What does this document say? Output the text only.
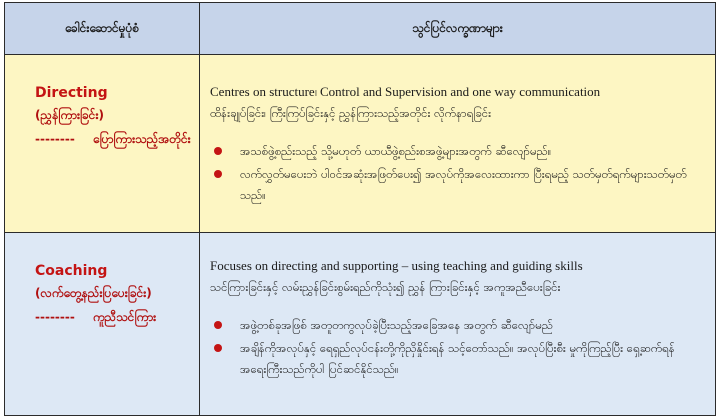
ခေါင်းဆောင်မှုပုံစံ	သွင်ပြင်လက္ခဏာများ
Directing
(ညွှန်ကြားခြင်း)
-------- ပြောကြားသည့်အတိုင်း
Centres on structure၊ Control and Supervision and one way communication
ထိန်းချုပ်ခြင်း၊ ကြီးကြပ်ခြင်းနှင့် ညွှန်ကြားသည့်အတိုင်း လိုက်နာရခြင်း
အသစ်ဖွဲ့စည်းသည့် သို့မဟုတ် ယာယီဖွဲ့စည်းစအဖွဲ့များအတွက် ဆီလျော်မည်။
လက်လွှတ်မပေးဘဲ ပါဝင်အဆုံးအဖြတ်ပေး၍ အလုပ်ကိုအလေးထားကာ ပြီးရမည့် သတ်မှတ်ရက်များသတ်မှတ်သည်။
Coaching
(လက်တွေ့နည်းပြပေးခြင်း)
-------- ကူညီသင်ကြား
Focuses on directing and supporting – using teaching and guiding skills
သင်ကြားခြင်းနှင့် လမ်းညွှန်ခြင်းစွမ်းရည်ကိုသုံး၍ ညွှန် ကြားခြင်းနှင့် အကူအညီပေးခြင်း
အဖွဲ့တစ်ခုအဖြစ် အတူတကွလုပ်ခဲ့ပြီးသည့်အခြေအနေ အတွက် ဆီလျော်မည်
အချိန်ကိုအလုပ်နှင့် ရေရှည်လုပ်ငန်းတို့ကိုညှိနှိုင်းရန် သင့်တော်သည်။ အလုပ်ပြီးစီး မှုကိုကြည့်ပြီး ရှေ့ဆက်ရန်အရေးကြီးသည်ကိုပါ ပြင်ဆင်နိုင်သည်။
